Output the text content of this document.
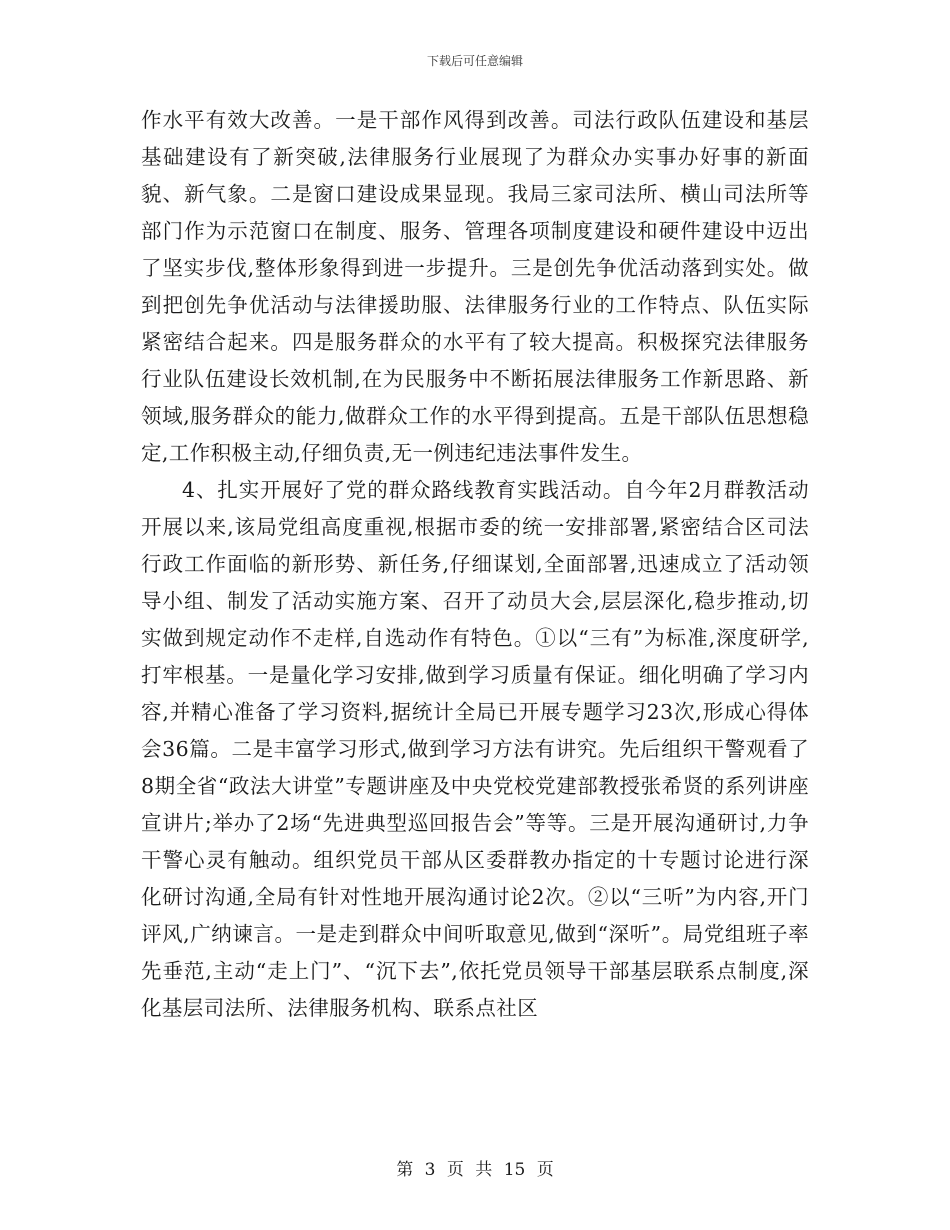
下载后可任意编辑

作水平有效大改善。一是干部作风得到改善。司法行政队伍建设和基层基础建设有了新突破,法律服务行业展现了为群众办实事办好事的新面貌、新气象。二是窗口建设成果显现。我局三家司法所、横山司法所等部门作为示范窗口在制度、服务、管理各项制度建设和硬件建设中迈出了坚实步伐,整体形象得到进一步提升。三是创先争优活动落到实处。做到把创先争优活动与法律援助服、法律服务行业的工作特点、队伍实际紧密结合起来。四是服务群众的水平有了较大提高。积极探究法律服务行业队伍建设长效机制,在为民服务中不断拓展法律服务工作新思路、新领域,服务群众的能力,做群众工作的水平得到提高。五是干部队伍思想稳定,工作积极主动,仔细负责,无一例违纪违法事件发生。

4、扎实开展好了党的群众路线教育实践活动。自今年2月群教活动开展以来,该局党组高度重视,根据市委的统一安排部署,紧密结合区司法行政工作面临的新形势、新任务,仔细谋划,全面部署,迅速成立了活动领导小组、制发了活动实施方案、召开了动员大会,层层深化,稳步推动,切实做到规定动作不走样,自选动作有特色。①以“三有”为标准,深度研学,打牢根基。一是量化学习安排,做到学习质量有保证。细化明确了学习内容,并精心准备了学习资料,据统计全局已开展专题学习23次,形成心得体会36篇。二是丰富学习形式,做到学习方法有讲究。先后组织干警观看了8期全省“政法大讲堂”专题讲座及中央党校党建部教授张希贤的系列讲座宣讲片;举办了2场“先进典型巡回报告会”等等。三是开展沟通研讨,力争干警心灵有触动。组织党员干部从区委群教办指定的十专题讨论进行深化研讨沟通,全局有针对性地开展沟通讨论2次。②以“三听”为内容,开门评风,广纳谏言。一是走到群众中间听取意见,做到“深听”。局党组班子率先垂范,主动“走上门”、“沉下去”,依托党员领导干部基层联系点制度,深化基层司法所、法律服务机构、联系点社区

第 3 页 共 15 页
